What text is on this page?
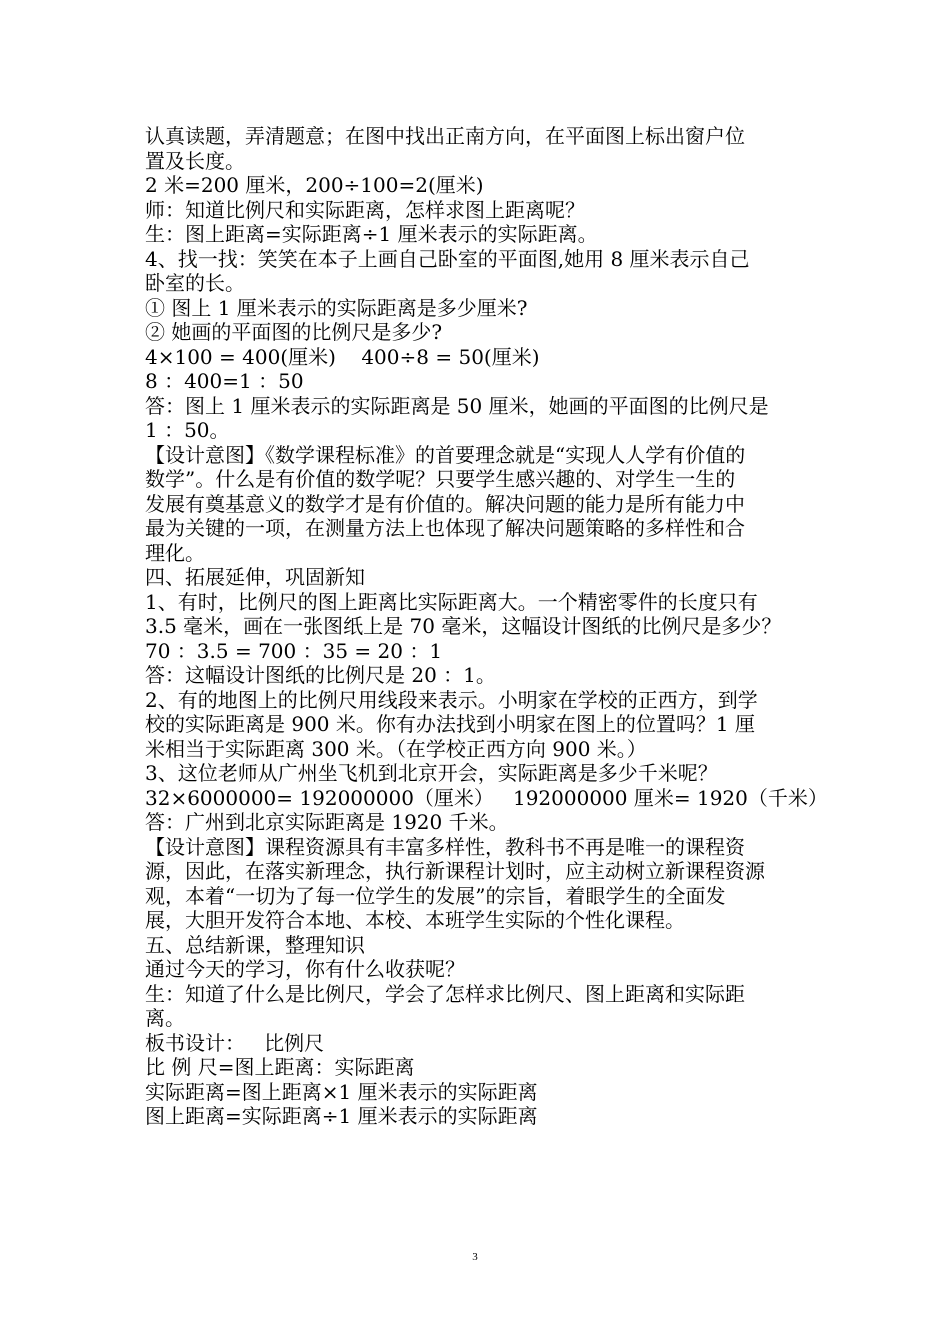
认真读题，弄清题意；在图中找出正南方向，在平面图上标出窗户位
置及长度。
2 米=200 厘米，200÷100=2(厘米)
师：知道比例尺和实际距离，怎样求图上距离呢？
生：图上距离=实际距离÷1 厘米表示的实际距离。
4、找一找：笑笑在本子上画自己卧室的平面图,她用 8 厘米表示自己
卧室的长。
① 图上 1 厘米表示的实际距离是多少厘米?
② 她画的平面图的比例尺是多少?
4×100 = 400(厘米)    400÷8 = 50(厘米)
8 ：400=1 ：50
答：图上 1 厘米表示的实际距离是 50 厘米，她画的平面图的比例尺是
1 ：50。
【设计意图】《数学课程标准》的首要理念就是“实现人人学有价值的
数学”。什么是有价值的数学呢？只要学生感兴趣的、对学生一生的
发展有奠基意义的数学才是有价值的。解决问题的能力是所有能力中
最为关键的一项，在测量方法上也体现了解决问题策略的多样性和合
理化。
四、拓展延伸，巩固新知
1、有时，比例尺的图上距离比实际距离大。一个精密零件的长度只有
3.5 毫米，画在一张图纸上是 70 毫米，这幅设计图纸的比例尺是多少？
70 ：3.5 = 700 ：35 = 20 ：1
答：这幅设计图纸的比例尺是 20 ：1。
2、有的地图上的比例尺用线段来表示。小明家在学校的正西方，到学
校的实际距离是 900 米。你有办法找到小明家在图上的位置吗？1 厘
米相当于实际距离 300 米。（在学校正西方向 900 米。）
3、这位老师从广州坐飞机到北京开会，实际距离是多少千米呢？
32×6000000= 192000000（厘米）   192000000 厘米= 1920（千米）
答：广州到北京实际距离是 1920 千米。
【设计意图】课程资源具有丰富多样性，教科书不再是唯一的课程资
源，因此，在落实新理念，执行新课程计划时，应主动树立新课程资源
观，本着“一切为了每一位学生的发展”的宗旨，着眼学生的全面发
展，大胆开发符合本地、本校、本班学生实际的个性化课程。
五、总结新课，整理知识
通过今天的学习，你有什么收获呢？
生：知道了什么是比例尺，学会了怎样求比例尺、图上距离和实际距
离。
板书设计：   比例尺
比 例 尺=图上距离：实际距离
实际距离=图上距离×1 厘米表示的实际距离
图上距离=实际距离÷1 厘米表示的实际距离
3
